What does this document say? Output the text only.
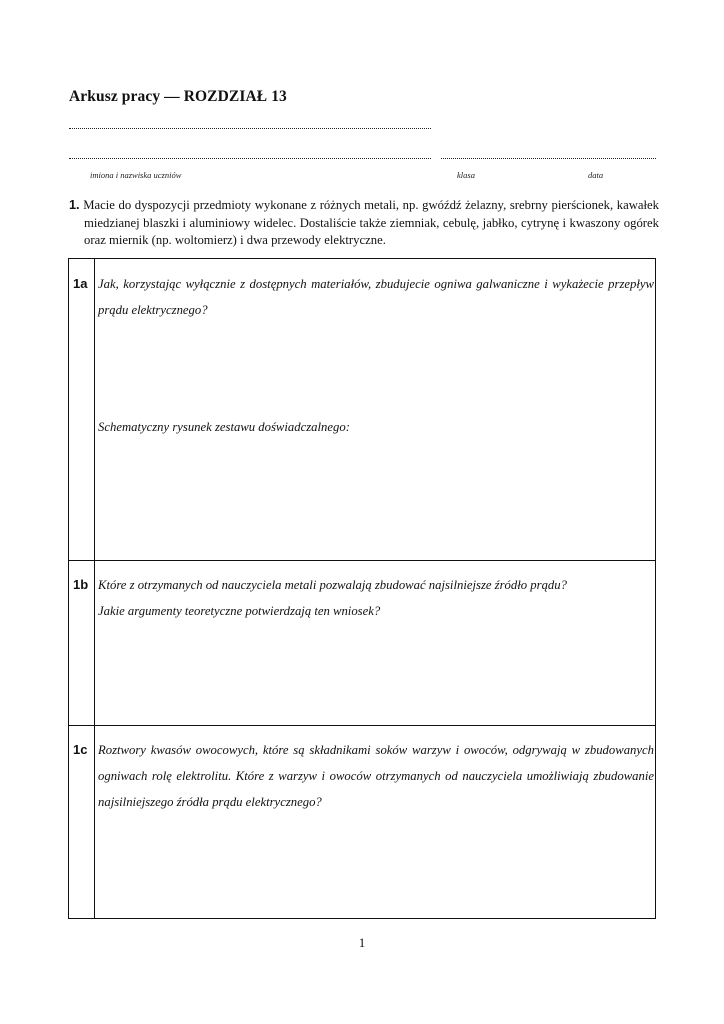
Arkusz pracy — ROZDZIAŁ 13
imiona i nazwiska uczniów	klasa	data
1. Macie do dyspozycji przedmioty wykonane z różnych metali, np. gwóźdź żelazny, srebrny pierścionek, kawałek miedzianej blaszki i aluminiowy widelec. Dostaliście także ziemniak, cebulę, jabłko, cytrynę i kwaszony ogórek oraz miernik (np. woltomierz) i dwa przewody elektryczne.
1a Jak, korzystając wyłącznie z dostępnych materiałów, zbudujecie ogniwa galwaniczne i wykażecie przepływ prądu elektrycznego?
Schematyczny rysunek zestawu doświadczalnego:
1b Które z otrzymanych od nauczyciela metali pozwalają zbudować najsilniejsze źródło prądu?
Jakie argumenty teoretyczne potwierdzają ten wniosek?
1c Roztwory kwasów owocowych, które są składnikami soków warzyw i owoców, odgrywają w zbudowanych ogniwach rolę elektrolitu. Które z warzyw i owoców otrzymanych od nauczyciela umożliwiają zbudowanie najsilniejszego źródła prądu elektrycznego?
1
